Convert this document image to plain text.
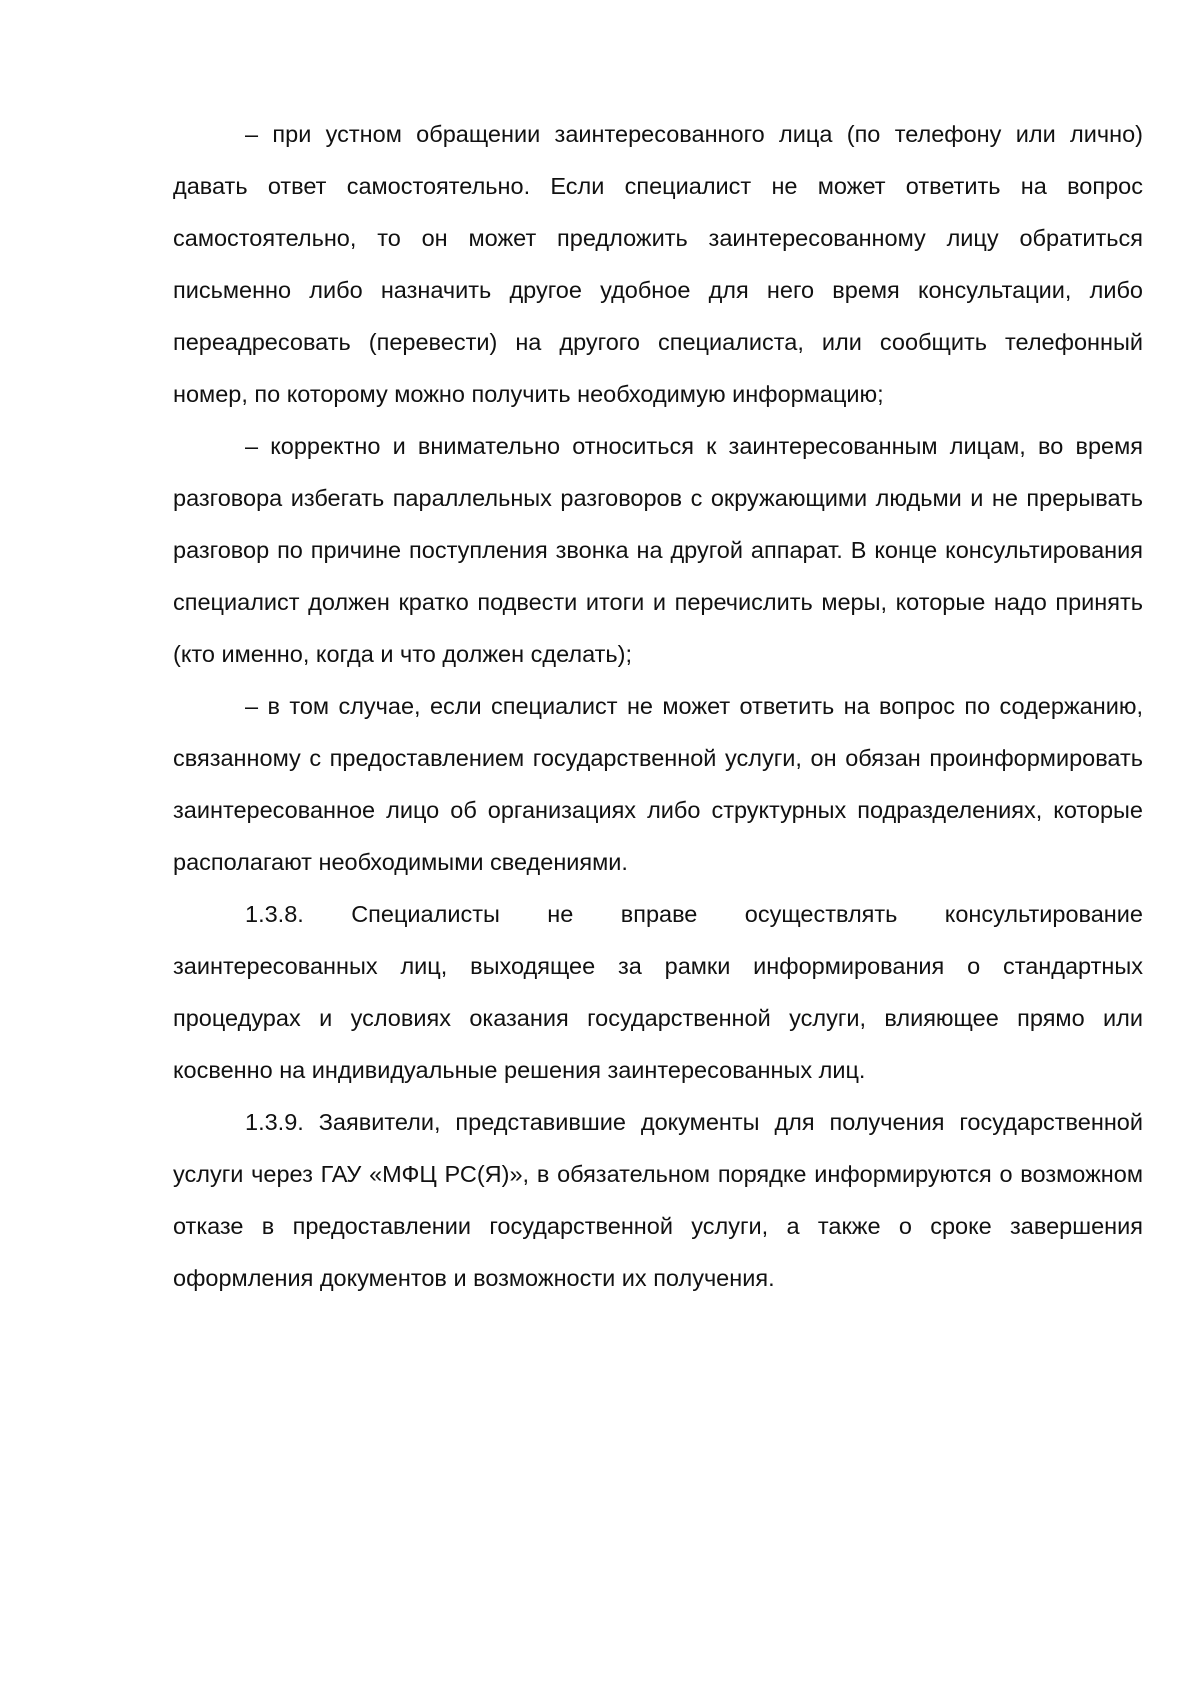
– при устном обращении заинтересованного лица (по телефону или лично) давать ответ самостоятельно. Если специалист не может ответить на вопрос самостоятельно, то он может предложить заинтересованному лицу обратиться письменно либо назначить другое удобное для него время консультации, либо переадресовать (перевести) на другого специалиста, или сообщить телефонный номер, по которому можно получить необходимую информацию;

– корректно и внимательно относиться к заинтересованным лицам, во время разговора избегать параллельных разговоров с окружающими людьми и не прерывать разговор по причине поступления звонка на другой аппарат. В конце консультирования специалист должен кратко подвести итоги и перечислить меры, которые надо принять (кто именно, когда и что должен сделать);

– в том случае, если специалист не может ответить на вопрос по содержанию, связанному с предоставлением государственной услуги, он обязан проинформировать заинтересованное лицо об организациях либо структурных подразделениях, которые располагают необходимыми сведениями.

1.3.8. Специалисты не вправе осуществлять консультирование заинтересованных лиц, выходящее за рамки информирования о стандартных процедурах и условиях оказания государственной услуги, влияющее прямо или косвенно на индивидуальные решения заинтересованных лиц.

1.3.9. Заявители, представившие документы для получения государственной услуги через ГАУ «МФЦ РС(Я)», в обязательном порядке информируются о возможном отказе в предоставлении государственной услуги, а также о сроке завершения оформления документов и возможности их получения.
